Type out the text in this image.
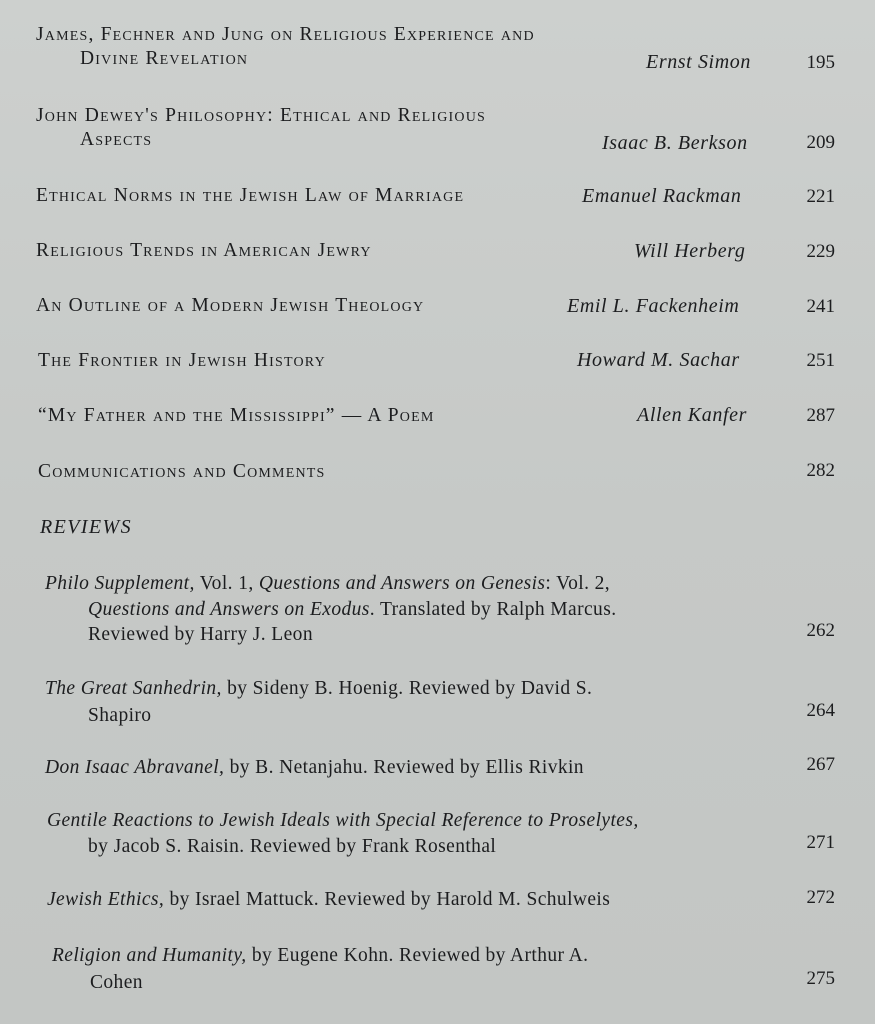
James, Fechner and Jung on Religious Experience and
Divine Revelation	Ernst Simon	195
John Dewey's Philosophy: Ethical and Religious
Aspects	Isaac B. Berkson	209
Ethical Norms in the Jewish Law of Marriage	Emanuel Rackman	221
Religious Trends in American Jewry	Will Herberg	229
An Outline of a Modern Jewish Theology	Emil L. Fackenheim	241
The Frontier in Jewish History	Howard M. Sachar	251
“My Father and the Mississippi” — A Poem	Allen Kanfer	287
Communications and Comments	282
REVIEWS
Philo Supplement, Vol. 1, Questions and Answers on Genesis: Vol. 2,
Questions and Answers on Exodus. Translated by Ralph Marcus.
Reviewed by Harry J. Leon	262
The Great Sanhedrin, by Sideny B. Hoenig. Reviewed by David S.
Shapiro	264
Don Isaac Abravanel, by B. Netanjahu. Reviewed by Ellis Rivkin	267
Gentile Reactions to Jewish Ideals with Special Reference to Proselytes,
by Jacob S. Raisin. Reviewed by Frank Rosenthal	271
Jewish Ethics, by Israel Mattuck. Reviewed by Harold M. Schulweis	272
Religion and Humanity, by Eugene Kohn. Reviewed by Arthur A.
Cohen	275
